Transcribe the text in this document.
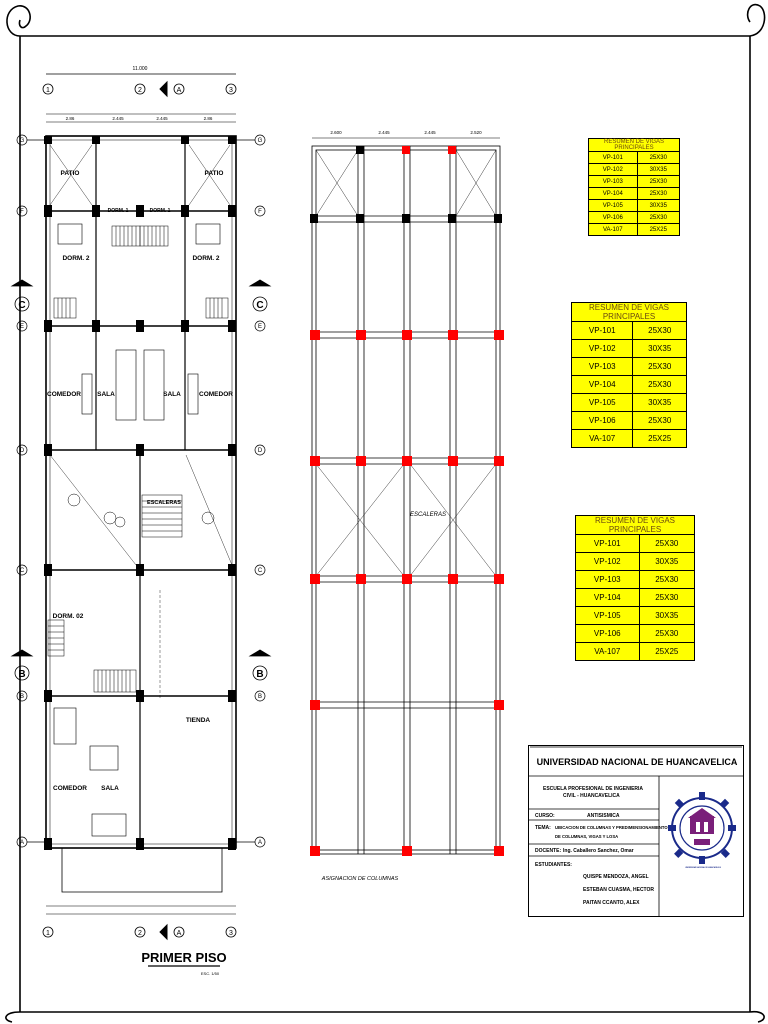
11.000
1	2	3
A
1	2	3
A
C	C
B	B
G	G
F	F
E	E
D	D
C	C
B	B
A	A
2.86	2.445	2.445	2.86
PATIO	PATIO
DORM. 2	DORM. 2
DORM. 1	DORM. 1
COMEDOR SALA	SALA	COMEDOR
ESCALERAS
DORM. 02
TIENDA
COMEDOR SALA
PRIMER PISO
ESC. 1/50
2.600	2.445	2.445	2.520
ESCALERAS
ASIGNACION DE COLUMNAS
RESUMEN DE VIGAS PRINCIPALES	
VP-101	25X30
VP-102	30X35
VP-103	25X30
VP-104	25X30
VP-105	30X35
VP-106	25X30
VA-107	25X25
RESUMEN DE VIGAS PRINCIPALES	
VP-101	25X30
VP-102	30X35
VP-103	25X30
VP-104	25X30
VP-105	30X35
VP-106	25X30
VA-107	25X25
RESUMEN DE VIGAS PRINCIPALES	
VP-101	25X30
VP-102	30X35
VP-103	25X30
VP-104	25X30
VP-105	30X35
VP-106	25X30
VA-107	25X25
UNIVERSIDAD NACIONAL DE HUANCAVELICA
ESCUELA PROFESIONAL DE INGENIERIA
CIVIL - HUANCAVELICA
CURSO:	ANTISISMICA
TEMA: UBICACION DE COLUMNAS Y PREDIMENSIONAMIENTO
DE COLUMNAS, VIGAS Y LOSA
DOCENTE: Ing. Caballero Sanchez, Omar
ESTUDIANTES:
QUISPE MENDOZA, ANGEL
ESTEBAN CUASMA, HECTOR
PAITAN CCANTO, ALEX
UNIVERSIDAD NACIONAL DE HUANCAVELICA
